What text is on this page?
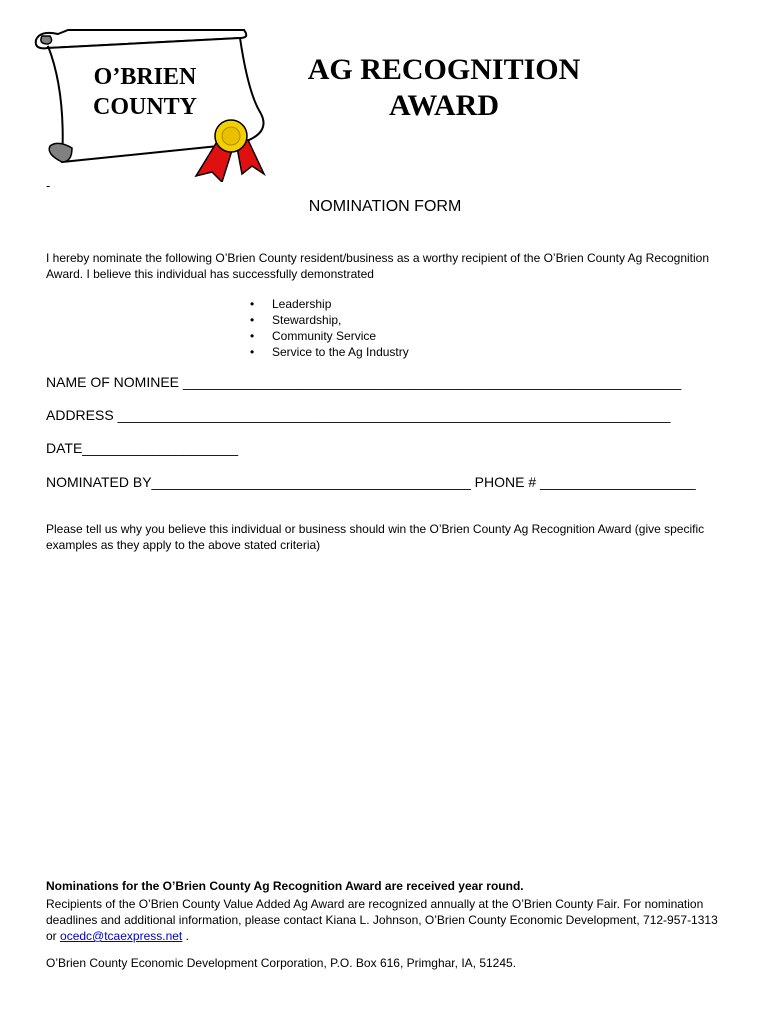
O’BRIEN
COUNTY
AG RECOGNITION
AWARD
-
NOMINATION FORM
I hereby nominate the following O’Brien County resident/business as a worthy recipient of the O’Brien County Ag Recognition Award. I believe this individual has successfully demonstrated
• Leadership
• Stewardship,
• Community Service
• Service to the Ag Industry
NAME OF NOMINEE ________________________________________________________________
ADDRESS _______________________________________________________________________
DATE____________________
NOMINATED BY_________________________________________ PHONE # ____________________
Please tell us why you believe this individual or business should win the O’Brien County Ag Recognition Award (give specific examples as they apply to the above stated criteria)
Nominations for the O’Brien County Ag Recognition Award are received year round.
Recipients of the O’Brien County Value Added Ag Award are recognized annually at the O’Brien County Fair. For nomination deadlines and additional information, please contact Kiana L. Johnson, O’Brien County Economic Development, 712-957-1313 or ocedc@tcaexpress.net .
O’Brien County Economic Development Corporation, P.O. Box 616, Primghar, IA, 51245.
